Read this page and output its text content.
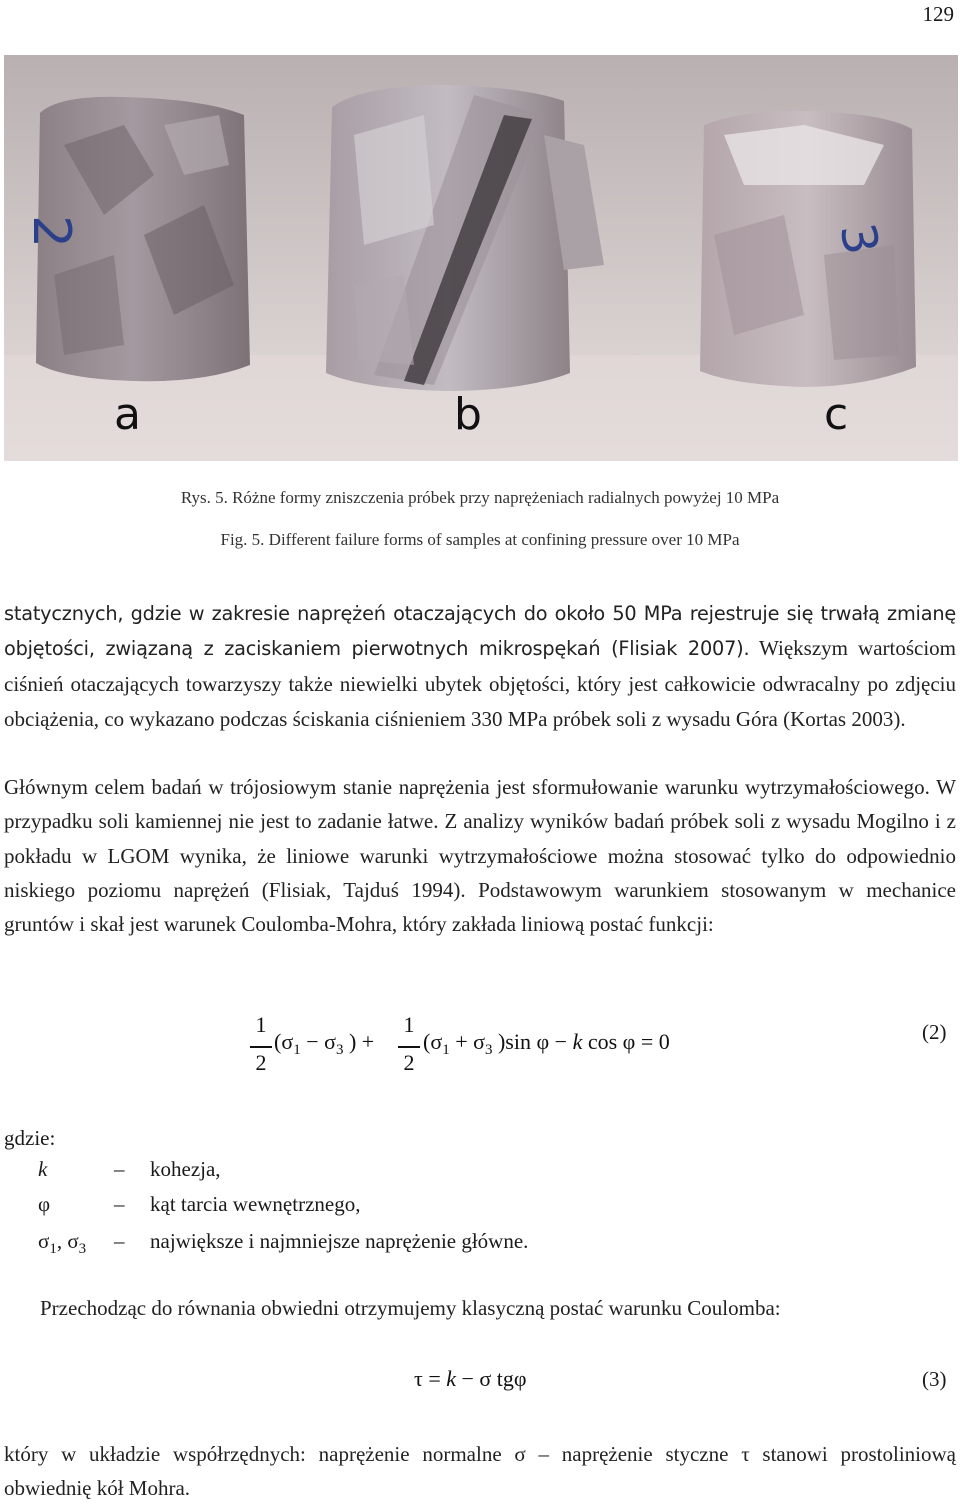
129
2	3
a	b	c
Rys. 5. Różne formy zniszczenia próbek przy naprężeniach radialnych powyżej 10 MPa
Fig. 5. Different failure forms of samples at confining pressure over 10 MPa
statycznych, gdzie w zakresie naprężeń otaczających do około 50 MPa rejestruje się trwałą zmianę objętości, związaną z zaciskaniem pierwotnych mikrospękań (Flisiak 2007). Większym wartościom ciśnień otaczających towarzyszy także niewielki ubytek objętości, który jest całkowicie odwracalny po zdjęciu obciążenia, co wykazano podczas ściskania ciśnieniem 330 MPa próbek soli z wysadu Góra (Kortas 2003).
Głównym celem badań w trójosiowym stanie naprężenia jest sformułowanie warunku wytrzymałościowego. W przypadku soli kamiennej nie jest to zadanie łatwe. Z analizy wyników badań próbek soli z wysadu Mogilno i z pokładu w LGOM wynika, że liniowe warunki wytrzymałościowe można stosować tylko do odpowiednio niskiego poziomu naprężeń (Flisiak, Tajduś 1994). Podstawowym warunkiem stosowanym w mechanice gruntów i skał jest warunek Coulomba-Mohra, który zakłada liniową postać funkcji:
1
2
($\sigma_1 - \sigma_3$ ) +
1
2
($\sigma_1 + \sigma_3$ )sin φ − k cos φ = 0	(2)
gdzie:
k	– kohezja,
φ	– kąt tarcia wewnętrznego,
$\sigma_1$, $\sigma_3$ – największe i najmniejsze naprężenie główne.
Przechodząc do równania obwiedni otrzymujemy klasyczną postać warunku Coulomba:
τ = k − σ tgφ	(3)
który w układzie współrzędnych: naprężenie normalne σ – naprężenie styczne τ stanowi prostoliniową obwiednię kół Mohra.
